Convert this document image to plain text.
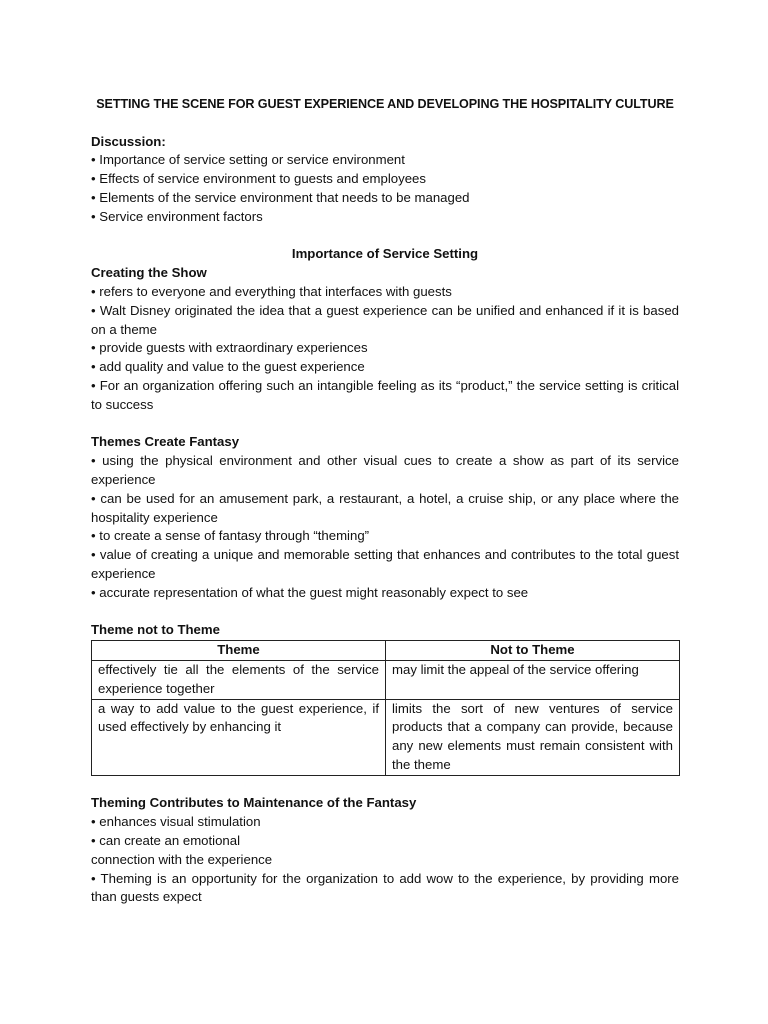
SETTING THE SCENE FOR GUEST EXPERIENCE AND DEVELOPING THE HOSPITALITY CULTURE

Discussion:

• Importance of service setting or service environment

• Effects of service environment to guests and employees

• Elements of the service environment that needs to be managed

• Service environment factors

Importance of Service Setting

Creating the Show

• refers to everyone and everything that interfaces with guests

• Walt Disney originated the idea that a guest experience can be unified and enhanced if it is based on a theme

• provide guests with extraordinary experiences

• add quality and value to the guest experience

• For an organization offering such an intangible feeling as its “product,” the service setting is critical to success

Themes Create Fantasy

• using the physical environment and other visual cues to create a show as part of its service experience

• can be used for an amusement park, a restaurant, a hotel, a cruise ship, or any place where the hospitality experience

• to create a sense of fantasy through “theming”

• value of creating a unique and memorable setting that enhances and contributes to the total guest experience

• accurate representation of what the guest might reasonably expect to see

Theme not to Theme

Theme	Not to Theme
effectively tie all the elements of the service experience together	may limit the appeal of the service offering
a way to add value to the guest experience, if used effectively by enhancing it	limits the sort of new ventures of service products that a company can provide, because any new elements must remain consistent with the theme

Theming Contributes to Maintenance of the Fantasy

• enhances visual stimulation

• can create an emotional

connection with the experience

• Theming is an opportunity for the organization to add wow to the experience, by providing more than guests expect
